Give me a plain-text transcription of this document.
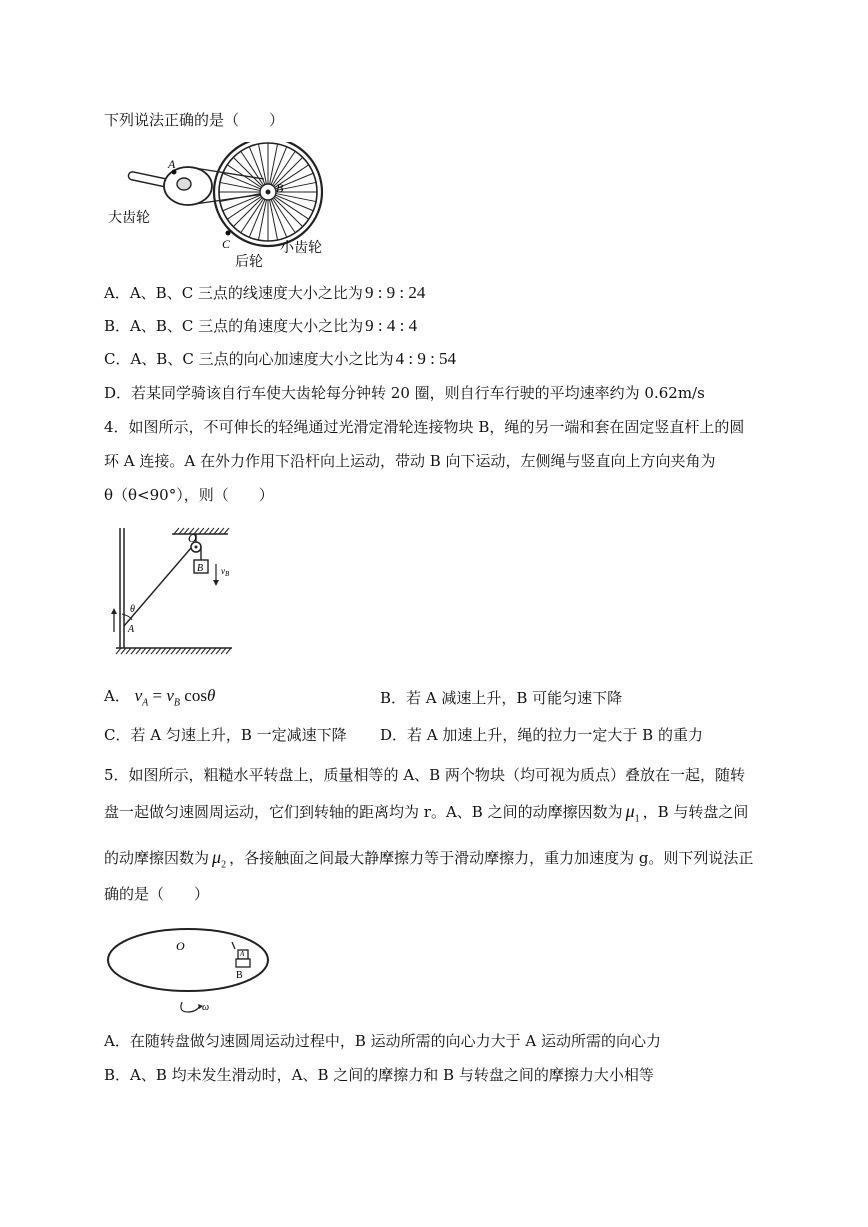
下列说法正确的是（　　）
A
B
C
大齿轮
小齿轮
后轮
A．A、B、C 三点的线速度大小之比为 9 : 9 : 24
B．A、B、C 三点的角速度大小之比为 9 : 4 : 4
C．A、B、C 三点的向心加速度大小之比为 4 : 9 : 54
D．若某同学骑该自行车使大齿轮每分钟转 20 圈，则自行车行驶的平均速率约为 0.62m/s
4．如图所示，不可伸长的轻绳通过光滑定滑轮连接物块 B，绳的另一端和套在固定竖直杆上的圆
环 A 连接。A 在外力作用下沿杆向上运动，带动 B 向下运动，左侧绳与竖直向上方向夹角为
θ（θ<90°），则（　　）
O
B $v_B$
θ
A
A． $v_A = v_B$ cosθ	B．若 A 减速上升，B 可能匀速下降
C．若 A 匀速上升，B 一定减速下降 D．若 A 加速上升，绳的拉力一定大于 B 的重力
5．如图所示，粗糙水平转盘上，质量相等的 A、B 两个物块（均可视为质点）叠放在一起，随转
盘一起做匀速圆周运动，它们到转轴的距离均为 r。A、B 之间的动摩擦因数为 $\mu_1$ ，B 与转盘之间
的动摩擦因数为 $\mu_2$ ，各接触面之间最大静摩擦力等于滑动摩擦力，重力加速度为 g。则下列说法正
确的是（　　）
O
A
B
ω
A．在随转盘做匀速圆周运动过程中，B 运动所需的向心力大于 A 运动所需的向心力
B．A、B 均未发生滑动时，A、B 之间的摩擦力和 B 与转盘之间的摩擦力大小相等
